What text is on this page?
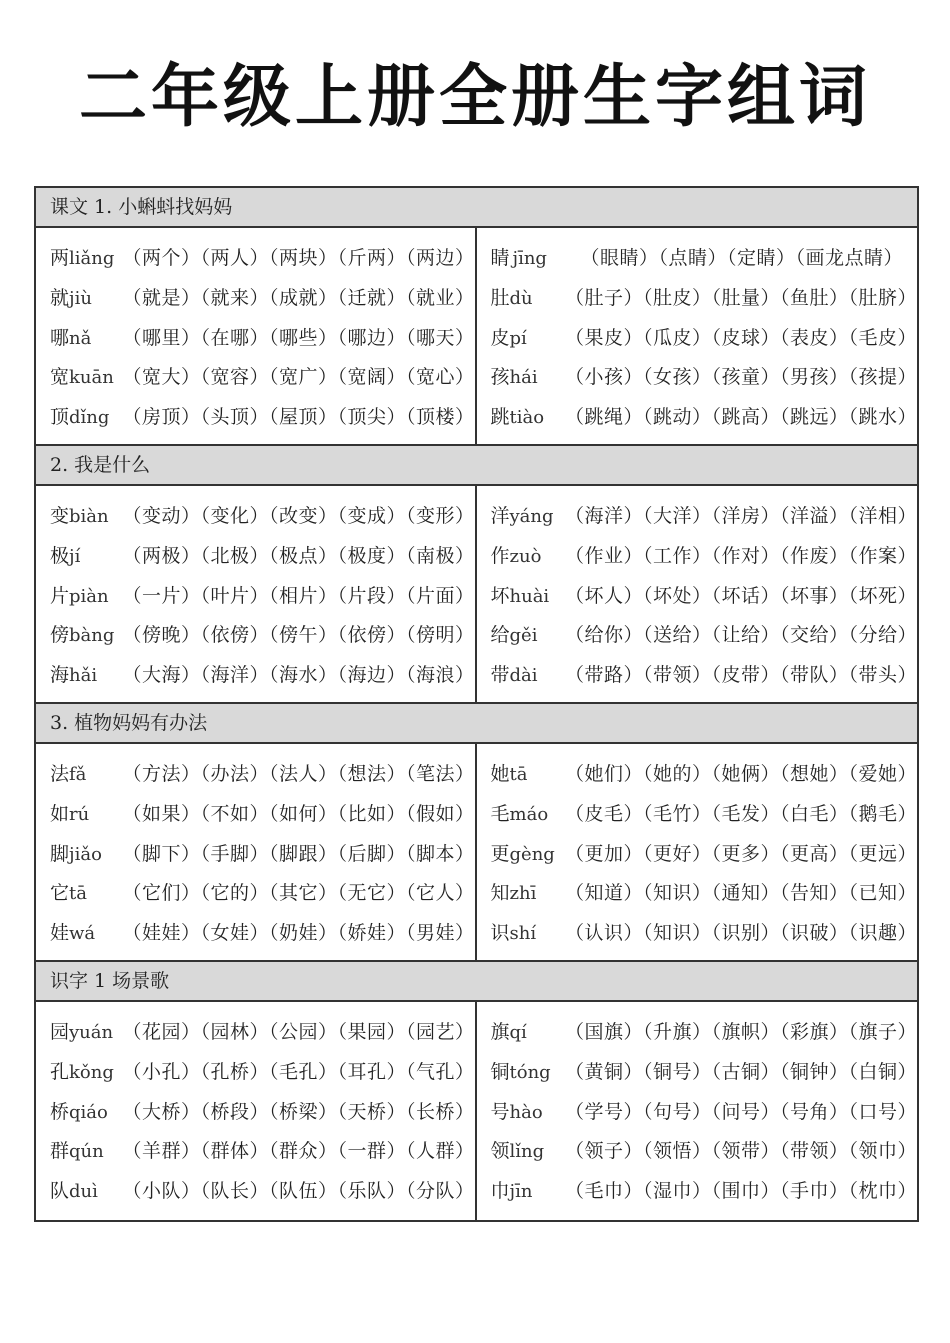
二年级上册全册生字组词
课文 1. 小蝌蚪找妈妈
两 liǎng （两个）（两人）（两块）（斤两）（两边）
就 jiù	（就是）（就来）（成就）（迁就）（就业）
哪 nǎ	（哪里）（在哪）（哪些）（哪边）（哪天）
宽 kuān （宽大）（宽容）（宽广）（宽阔）（宽心）
顶 dǐng （房顶）（头顶）（屋顶）（顶尖）（顶楼）
睛 jīng	（眼睛）（点睛）（定睛）（画龙点睛）
肚 dù	（肚子）（肚皮）（肚量）（鱼肚）（肚脐）
皮 pí	（果皮）（瓜皮）（皮球）（表皮）（毛皮）
孩 hái	（小孩）（女孩）（孩童）（男孩）（孩提）
跳 tiào	（跳绳）（跳动）（跳高）（跳远）（跳水）
2. 我是什么
变 biàn （变动）（变化）（改变）（变成）（变形）
极 jí	（两极）（北极）（极点）（极度）（南极）
片 piàn （一片）（叶片）（相片）（片段）（片面）
傍 bàng （傍晚）（依傍）（傍午）（依傍）（傍明）
海 hǎi	（大海）（海洋）（海水）（海边）（海浪）
洋 yáng （海洋）（大洋）（洋房）（洋溢）（洋相）
作 zuò	（作业）（工作）（作对）（作废）（作案）
坏 huài （坏人）（坏处）（坏话）（坏事）（坏死）
给 gěi	（给你）（送给）（让给）（交给）（分给）
带 dài	（带路）（带领）（皮带）（带队）（带头）
3. 植物妈妈有办法
法 fǎ	（方法）（办法）（法人）（想法）（笔法）
如 rú	（如果）（不如）（如何）（比如）（假如）
脚 jiǎo	（脚下）（手脚）（脚跟）（后脚）（脚本）
它 tā	（它们）（它的）（其它）（无它）（它人）
娃 wá	（娃娃）（女娃）（奶娃）（娇娃）（男娃）
她 tā	（她们）（她的）（她俩）（想她）（爱她）
毛 máo （皮毛）（毛竹）（毛发）（白毛）（鹅毛）
更 gèng （更加）（更好）（更多）（更高）（更远）
知 zhī	（知道）（知识）（通知）（告知）（已知）
识 shí	（认识）（知识）（识别）（识破）（识趣）
识字 1 场景歌
园 yuán （花园）（园林）（公园）（果园）（园艺）
孔 kǒng （小孔）（孔桥）（毛孔）（耳孔）（气孔）
桥 qiáo （大桥）（桥段）（桥梁）（天桥）（长桥）
群 qún （羊群）（群体）（群众）（一群）（人群）
队 duì	（小队）（队长）（队伍）（乐队）（分队）
旗 qí	（国旗）（升旗）（旗帜）（彩旗）（旗子）
铜 tóng （黄铜）（铜号）（古铜）（铜钟）（白铜）
号 hào	（学号）（句号）（问号）（号角）（口号）
领 lǐng	（领子）（领悟）（领带）（带领）（领巾）
巾 jīn	（毛巾）（湿巾）（围巾）（手巾）（枕巾）
